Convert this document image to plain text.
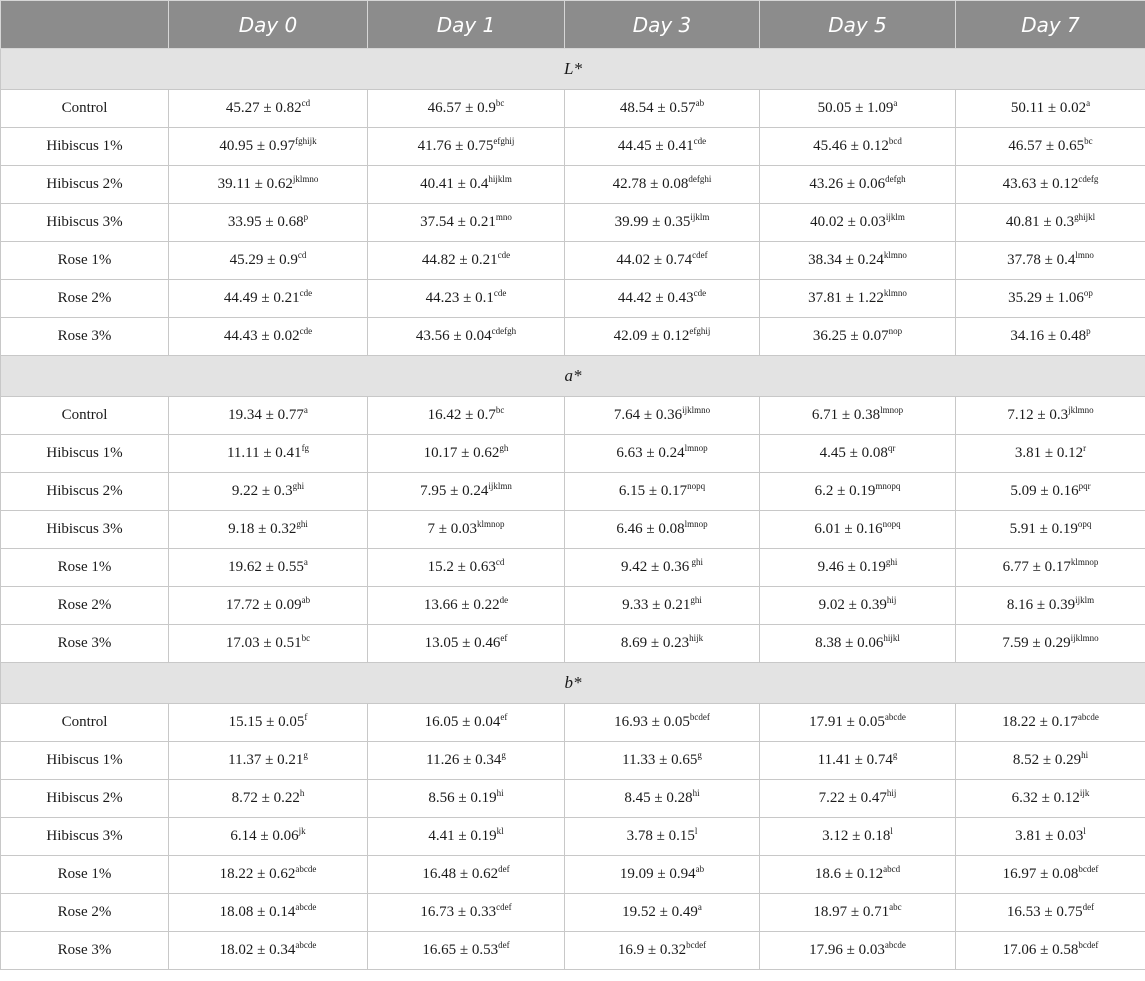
	Day 0	Day 1	Day 3	Day 5	Day 7
L*					
Control	45.27 ± 0.82$^{cd}$	46.57 ± 0.9$^{bc}$	48.54 ± 0.57$^{ab}$	50.05 ± 1.09$^a$	50.11 ± 0.02$^a$
Hibiscus 1%	$40.95 \pm 0.97^{fghijk}$	$41.76 \pm 0.75^{efghij}$	44.45 ± 0.41$^{cde}$	45.46 ± 0.12$^{bcd}$	46.57 ± 0.65$^{bc}$
Hibiscus 2%	$39.11 \pm 0.62^{jklmno}$	$40.41 \pm 0.4^{hijklm}$	$42.78 \pm 0.08^{defghi}$	$43.26 \pm 0.06^{defgh}$	$43.63 \pm 0.12^{cdefg}$
Hibiscus 3%	$33.95 \pm 0.68^p$	$37.54 \pm 0.21^{mno}$	$39.99 \pm 0.35^{ijklm}$	$40.02 \pm 0.03^{ijklm}$	$40.81 \pm 0.3^{ghijkl}$
Rose 1%	45.29 ± 0.9$^{cd}$	44.82 ± 0.21$^{cde}$	$44.02 \pm 0.74^{cdef}$	$38.34 \pm 0.24^{klmno}$	$37.78 \pm 0.4^{lmno}$
Rose 2%	44.49 ± 0.21$^{cde}$	44.23 ± 0.1$^{cde}$	44.42 ± 0.43$^{cde}$	$37.81 \pm 1.22^{klmno}$	$35.29 \pm 1.06^{op}$
Rose 3%	44.43 ± 0.02$^{cde}$	$43.56 \pm 0.04^{cdefgh}$	$42.09 \pm 0.12^{efghij}$	$36.25 \pm 0.07^{nop}$	$34.16 \pm 0.48^p$
a*					
Control	19.34 ± 0.77$^a$	16.42 ± 0.7$^{bc}$	$7.64 \pm 0.36^{ijklmno}$	$6.71 \pm 0.38^{lmnop}$	$7.12 \pm 0.3^{jklmno}$
Hibiscus 1%	11.11 ± 0.41$^{fg}$	10.17 ± 0.62$^{gh}$	$6.63 \pm 0.24^{lmnop}$	$4.45 \pm 0.08^{qr}$	$3.81 \pm 0.12^r$
Hibiscus 2%	$9.22 \pm 0.3^{ghi}$	$7.95 \pm 0.24^{ijklmn}$	$6.15 \pm 0.17^{nopq}$	$6.2 \pm 0.19^{mnopq}$	$5.09 \pm 0.16^{pqr}$
Hibiscus 3%	$9.18 \pm 0.32^{ghi}$	$7 \pm 0.03^{klmnop}$	$6.46 \pm 0.08^{lmnop}$	$6.01 \pm 0.16^{nopq}$	$5.91 \pm 0.19^{opq}$
Rose 1%	19.62 ± 0.55$^a$	15.2 ± 0.63$^{cd}$	9.42 ± 0.36 $^{ghi}$	$9.46 \pm 0.19^{ghi}$	$6.77 \pm 0.17^{klmnop}$
Rose 2%	17.72 ± 0.09$^{ab}$	13.66 ± 0.22de	$9.33 \pm 0.21^{ghi}$	$9.02 \pm 0.39^{hij}$	$8.16 \pm 0.39^{ijklm}$
Rose 3%	17.03 ± 0.51$^{bc}$	13.05 ± 0.46$^{ef}$	$8.69 \pm 0.23^{hijk}$	$8.38 \pm 0.06^{hijkl}$	$7.59 \pm 0.29^{ijklmno}$
b*					
Control	15.15 ± 0.05$^f$	16.05 ± 0.04$^{ef}$	$16.93 \pm 0.05^{bcdef}$	$17.91 \pm 0.05^{abcde}$	$18.22 \pm 0.17^{abcde}$
Hibiscus 1%	11.37 ± 0.21$^g$	11.26 ± 0.34$^g$	11.33 ± 0.65$^g$	11.41 ± 0.74$^g$	$8.52 \pm 0.29^{hi}$
Hibiscus 2%	8.72 ± 0.22$^h$	$8.56 \pm 0.19^{hi}$	$8.45 \pm 0.28^{hi}$	$7.22 \pm 0.47^{hij}$	$6.32 \pm 0.12^{ijk}$
Hibiscus 3%	$6.14 \pm 0.06^{jk}$	$4.41 \pm 0.19^{kl}$	$3.78 \pm 0.15^l$	$3.12 \pm 0.18^l$	$3.81 \pm 0.03^l$
Rose 1%	$18.22 \pm 0.62^{abcde}$	16.48 ± 0.62$^{def}$	19.09 ± 0.94$^{ab}$	$18.6 \pm 0.12^{abcd}$	$16.97 \pm 0.08^{bcdef}$
Rose 2%	$18.08 \pm 0.14^{abcde}$	$16.73 \pm 0.33^{cdef}$	19.52 ± 0.49$^a$	18.97 ± 0.71$^{abc}$	16.53 ± 0.75$^{def}$
Rose 3%	$18.02 \pm 0.34^{abcde}$	16.65 ± 0.53$^{def}$	$16.9 \pm 0.32^{bcdef}$	$17.96 \pm 0.03^{abcde}$	$17.06 \pm 0.58^{bcdef}$
